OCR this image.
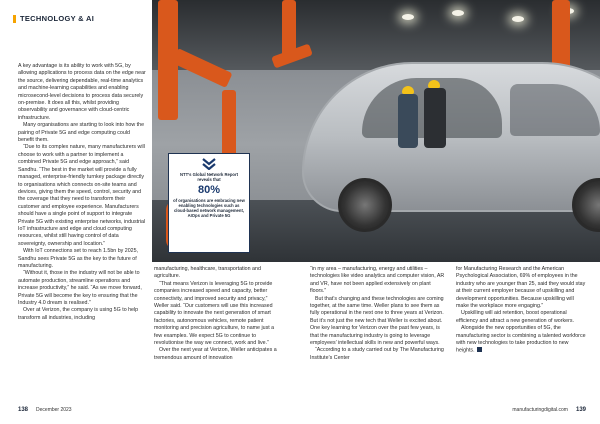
TECHNOLOGY & AI
NTT’s Global Network Report reveals that
80%
of organisations are embracing new enabling technologies such as cloud-based network management, AIOps and Private 5G

A key advantage is its ability to work with 5G, by allowing applications to process data on the edge near the source, delivering dependable, real-time analytics and machine-learning capabilities and enabling microsecond-level decisions to process data securely on-premise. It does all this, whilst providing observability and governance with cloud-centric infrastructure.

Many organisations are starting to look into how the pairing of Private 5G and edge computing could benefit them.

“Due to its complex nature, many manufacturers will choose to work with a partner to implement a combined Private 5G and edge approach,” said Sandhu. “The best in the market will provide a fully managed, enterprise-friendly turnkey package directly to organisations which connects on-site teams and devices, giving them the speed, control, security and the coverage that they need to transform their customer and employee experience. Manufacturers should have a single point of support to integrate Private 5G with existing enterprise networks, industrial IoT infrastructure and edge and cloud computing resources, whilst still having control of data sovereignty, ownership and location.”

With IoT connections set to reach 1.5bn by 2025, Sandhu sees Private 5G as the key to the future of manufacturing.

“Without it, those in the industry will not be able to automate production, streamline operations and increase productivity,” he said. “As we move forward, Private 5G will become the key to ensuring that the Industry 4.0 dream is realised.”

Over at Verizon, the company is using 5G to help transform all industries, including

manufacturing, healthcare, transportation and agriculture.

“That means Verizon is leveraging 5G to provide companies increased speed and capacity, better connectivity, and improved security and privacy,” Weller said. “Our customers will use this increased capability to innovate the next generation of smart factories, autonomous vehicles, remote patient monitoring and precision agriculture, to name just a few examples. We expect 5G to continue to revolutionise the way we connect, work and live.”

Over the next year at Verizon, Weller anticipates a tremendous amount of innovation

“in my area – manufacturing, energy and utilities – technologies like video analytics and computer vision, AR and VR, have not been applied extensively on plant floors.”

But that’s changing and these technologies are coming together, at the same time. Weller plans to see them as fully operational in the next one to three years at Verizon. But it’s not just the new tech that Weller is excited about. One key learning for Verizon over the past few years, is that the manufacturing industry is going to leverage employees’ intellectual skills in new and powerful ways.

“According to a study carried out by The Manufacturing Institute’s Center

for Manufacturing Research and the American Psychological Association, 69% of employees in the industry who are younger than 25, said they would stay at their current employer because of upskilling and development opportunities. Because upskilling will make the workplace more engaging.”

Upskilling will aid retention, boost operational efficiency and attract a new generation of workers.

Alongside the new opportunities of 5G, the manufacturing sector is combining a talented workforce with new technologies to take production to new heights.

138 December 2023	manufacturingdigital.com 139
